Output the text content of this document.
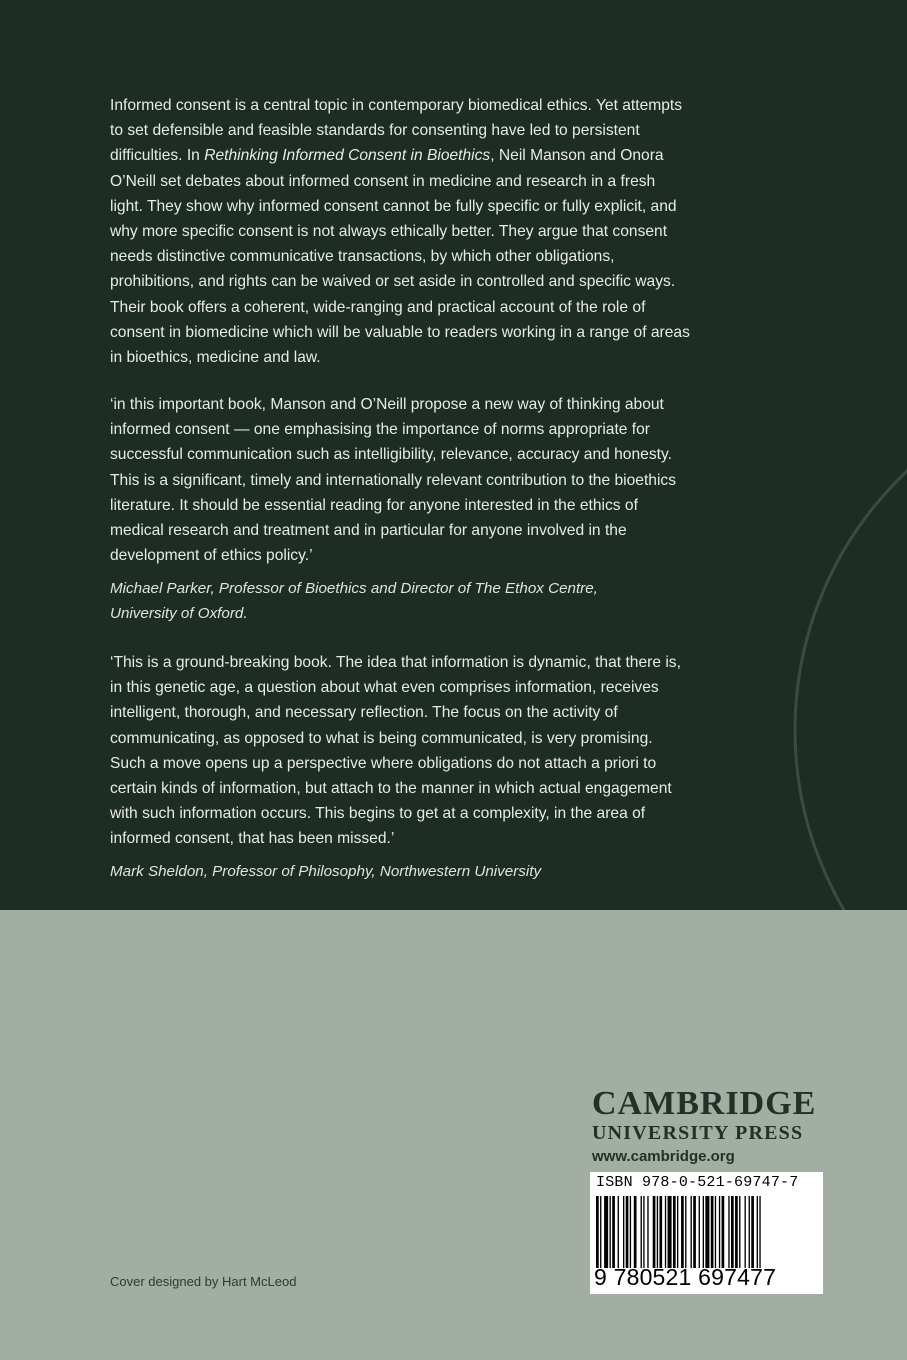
Informed consent is a central topic in contemporary biomedical ethics. Yet attempts to set defensible and feasible standards for consenting have led to persistent difficulties. In Rethinking Informed Consent in Bioethics, Neil Manson and Onora O’Neill set debates about informed consent in medicine and research in a fresh light. They show why informed consent cannot be fully specific or fully explicit, and why more specific consent is not always ethically better. They argue that consent needs distinctive communicative transactions, by which other obligations, prohibitions, and rights can be waived or set aside in controlled and specific ways. Their book offers a coherent, wide-ranging and practical account of the role of consent in biomedicine which will be valuable to readers working in a range of areas in bioethics, medicine and law.

‘in this important book, Manson and O’Neill propose a new way of thinking about informed consent — one emphasising the importance of norms appropriate for successful communication such as intelligibility, relevance, accuracy and honesty. This is a significant, timely and internationally relevant contribution to the bioethics literature. It should be essential reading for anyone interested in the ethics of medical research and treatment and in particular for anyone involved in the development of ethics policy.’

Michael Parker, Professor of Bioethics and Director of The Ethox Centre,
University of Oxford.

‘This is a ground-breaking book. The idea that information is dynamic, that there is, in this genetic age, a question about what even comprises information, receives intelligent, thorough, and necessary reflection. The focus on the activity of communicating, as opposed to what is being communicated, is very promising. Such a move opens up a perspective where obligations do not attach a priori to certain kinds of information, but attach to the manner in which actual engagement with such information occurs. This begins to get at a complexity, in the area of informed consent, that has been missed.’

Mark Sheldon, Professor of Philosophy, Northwestern University
CAMBRIDGE
UNIVERSITY PRESS
www.cambridge.org
ISBN 978-0-521-69747-7
9 780521 697477
Cover designed by Hart McLeod
